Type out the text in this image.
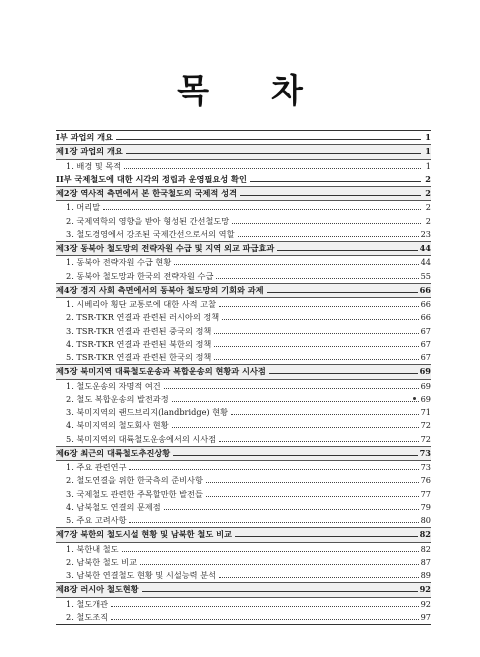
목 차
I부 과업의 개요	1
제1장 과업의 개요	1
1. 배경 및 목적	1
II부 국제철도에 대한 시각의 정립과 운영필요성 확인	2
제2장 역사적 측면에서 본 한국철도의 국제적 성격	2
1. 머리말	2
2. 국제역학의 영향을 받아 형성된 간선철도망	2
3. 철도경영에서 강조된 국제간선으로서의 역할	23
제3장 동북아 철도망의 전략자원 수급 및 지역 외교 파급효과	44
1. 동북아 전략자원 수급 현황	44
2. 동북아 철도망과 한국의 전략자원 수급	55
제4장 경지 사회 측면에서의 동북아 철도망의 기회와 과제	66
1. 시베리아 횡단 교통로에 대한 사적 고찰	66
2. TSR-TKR 연결과 관련된 러시아의 정책	66
3. TSR-TKR 연결과 관련된 중국의 정책	67
4. TSR-TKR 연결과 관련된 북한의 정책	67
5. TSR-TKR 연결과 관련된 한국의 정책	67
제5장 북미지역 대륙철도운송과 복합운송의 현황과 시사점	69
1. 철도운송의 자명적 여건	69
2. 철도 복합운송의 발전과정	69
3. 북미지역의 랜드브리지(landbridge) 현황	71
4. 북미지역의 철도회사 현황	72
5. 북미지역의 대륙철도운송에서의 시사점	72
제6장 최근의 대륙철도추진상황	73
1. 주요 관련연구	73
2. 철도연결을 위한 한국측의 준비사항	76
3. 국제철도 관련한 주목할만한 발전들	77
4. 남북철도 연결의 문제점	79
5. 주요 고려사항	80
제7장 북한의 철도시설 현황 및 남북한 철도 비교	82
1. 북한내 철도	82
2. 남북한 철도 비교	87
3. 남북한 연결철도 현황 및 시설능력 분석	89
제8장 러시아 철도현황	92
1. 철도개관	92
2. 철도조직	97
